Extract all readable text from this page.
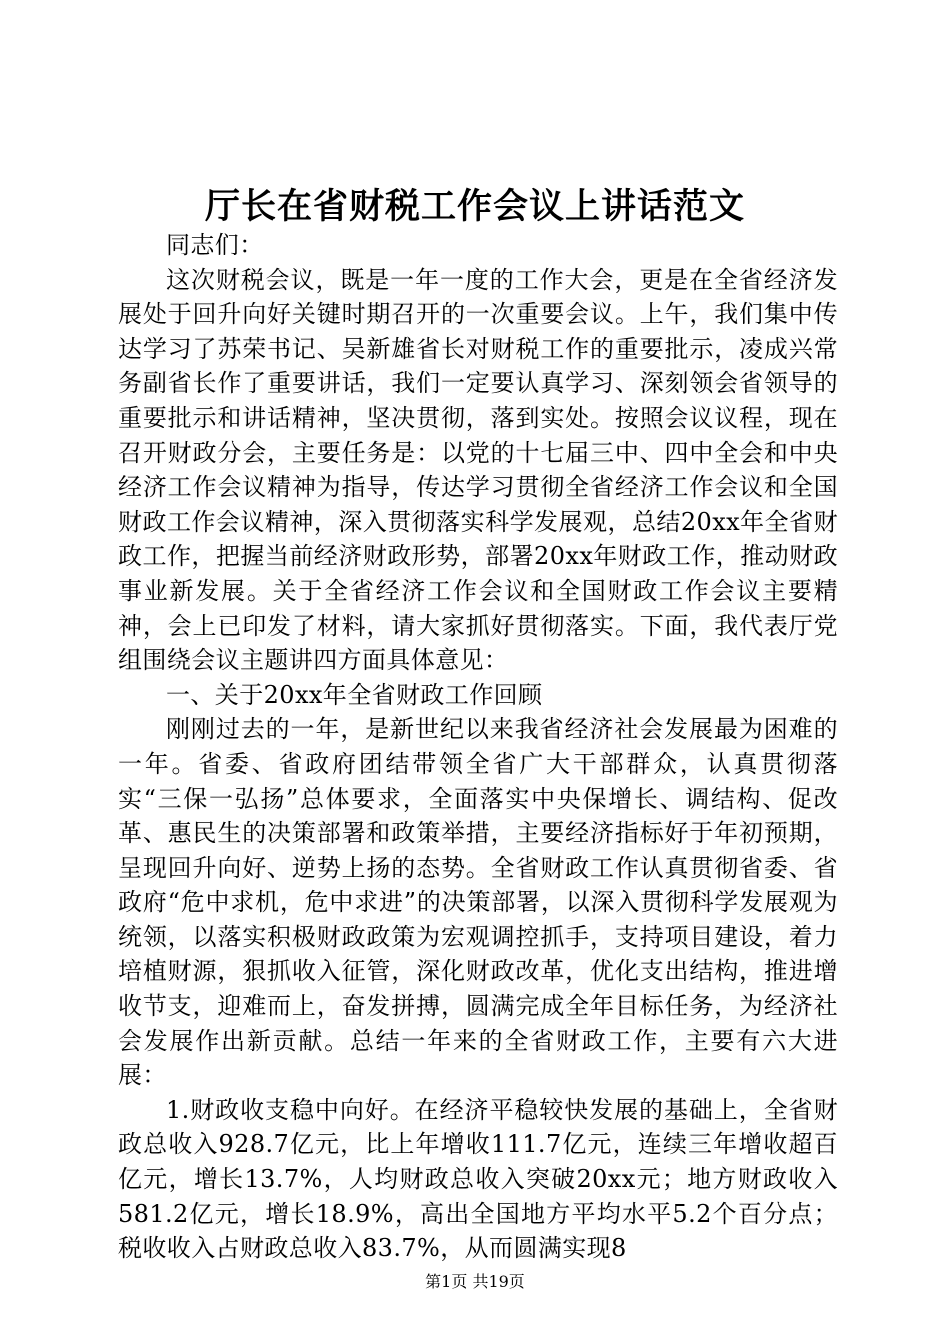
厅长在省财税工作会议上讲话范文

同志们：

这次财税会议，既是一年一度的工作大会，更是在全省经济发展处于回升向好关键时期召开的一次重要会议。上午，我们集中传达学习了苏荣书记、吴新雄省长对财税工作的重要批示，凌成兴常务副省长作了重要讲话，我们一定要认真学习、深刻领会省领导的重要批示和讲话精神，坚决贯彻，落到实处。按照会议议程，现在召开财政分会，主要任务是：以党的十七届三中、四中全会和中央经济工作会议精神为指导，传达学习贯彻全省经济工作会议和全国财政工作会议精神，深入贯彻落实科学发展观，总结20xx年全省财政工作，把握当前经济财政形势，部署20xx年财政工作，推动财政事业新发展。关于全省经济工作会议和全国财政工作会议主要精神，会上已印发了材料，请大家抓好贯彻落实。下面，我代表厅党组围绕会议主题讲四方面具体意见：

一、关于20xx年全省财政工作回顾

刚刚过去的一年，是新世纪以来我省经济社会发展最为困难的一年。省委、省政府团结带领全省广大干部群众，认真贯彻落实“三保一弘扬”总体要求，全面落实中央保增长、调结构、促改革、惠民生的决策部署和政策举措，主要经济指标好于年初预期，呈现回升向好、逆势上扬的态势。全省财政工作认真贯彻省委、省政府“危中求机，危中求进”的决策部署，以深入贯彻科学发展观为统领，以落实积极财政政策为宏观调控抓手，支持项目建设，着力培植财源，狠抓收入征管，深化财政改革，优化支出结构，推进增收节支，迎难而上，奋发拼搏，圆满完成全年目标任务，为经济社会发展作出新贡献。总结一年来的全省财政工作，主要有六大进展：

1.财政收支稳中向好。在经济平稳较快发展的基础上，全省财政总收入928.7亿元，比上年增收111.7亿元，连续三年增收超百亿元，增长13.7%，人均财政总收入突破20xx元；地方财政收入581.2亿元，增长18.9%，高出全国地方平均水平5.2个百分点；税收收入占财政总收入83.7%，从而圆满实现8

第1页 共19页
